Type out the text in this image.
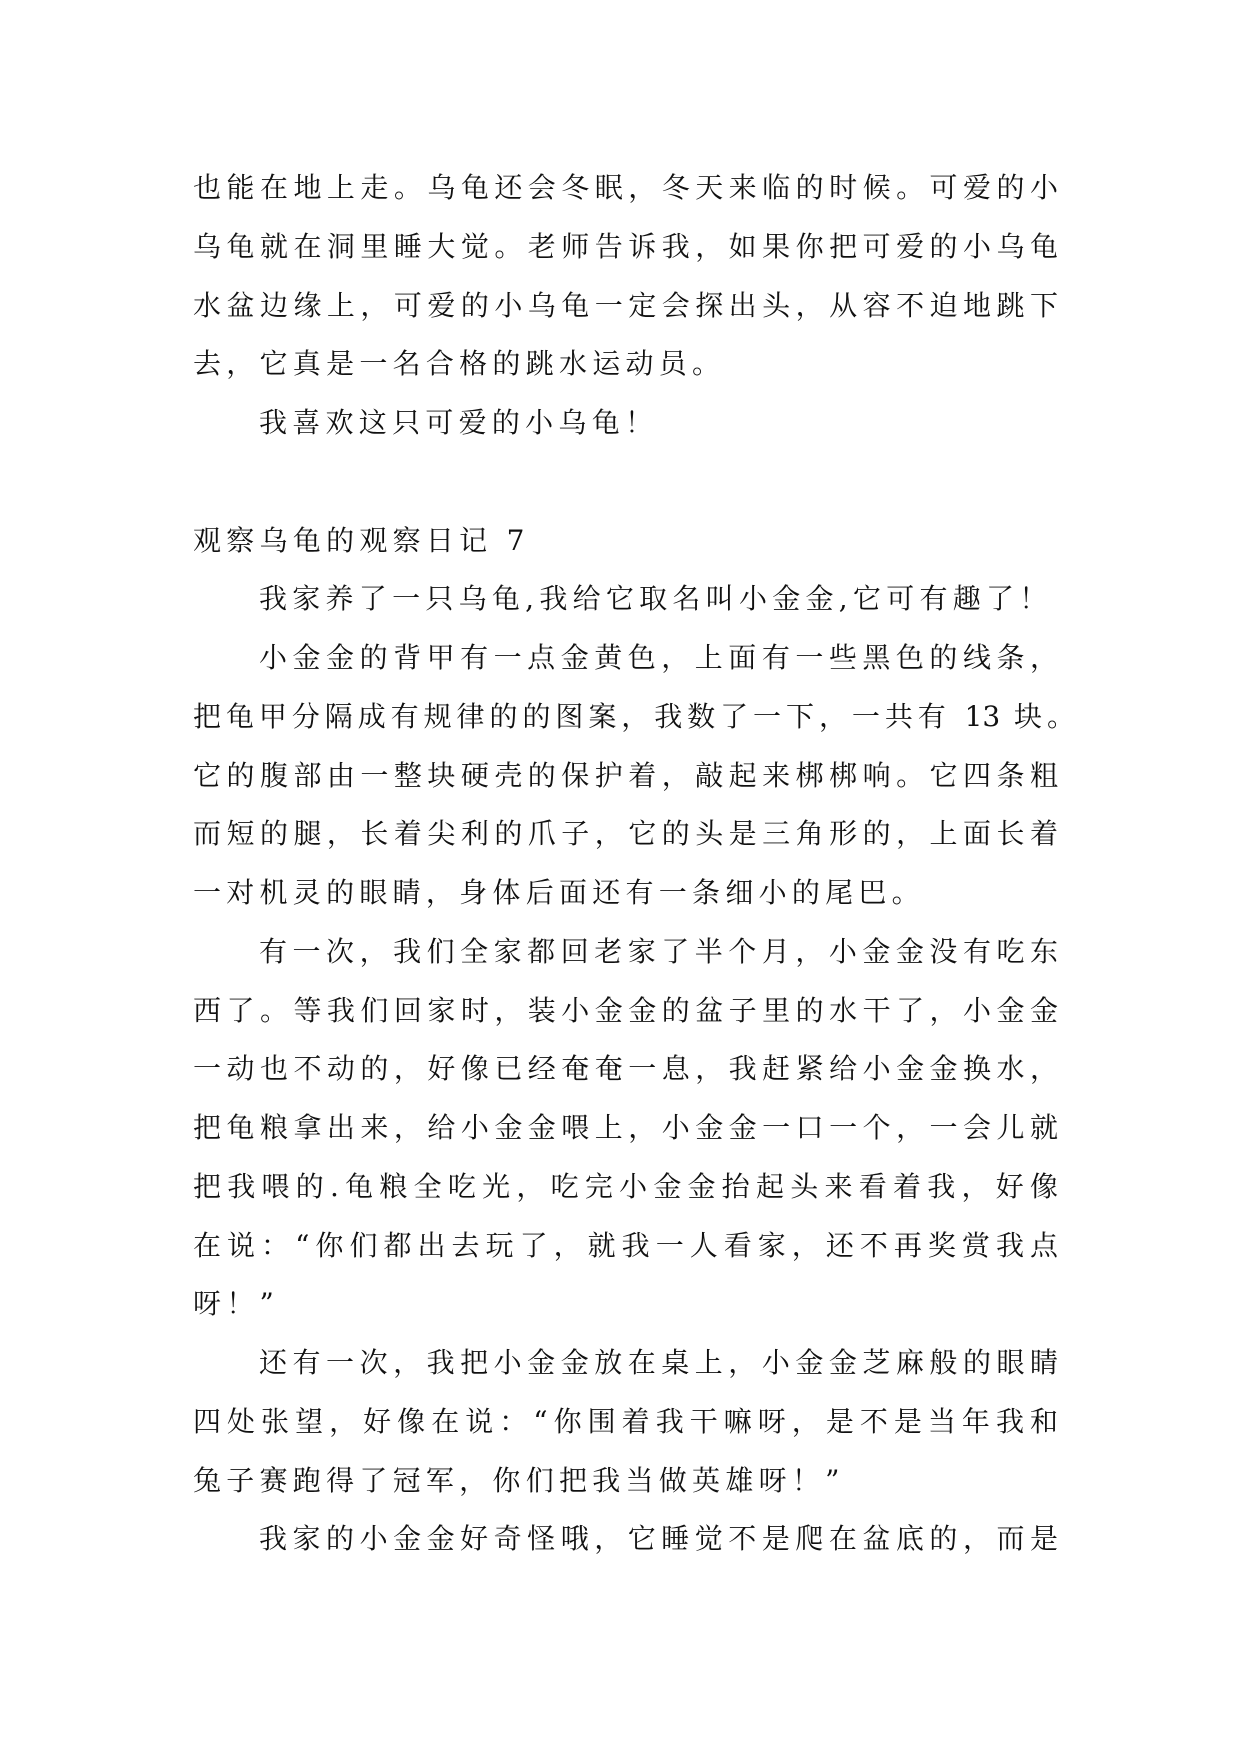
也能在地上走。乌龟还会冬眠，冬天来临的时候。可爱的小
乌龟就在洞里睡大觉。老师告诉我，如果你把可爱的小乌龟
水盆边缘上，可爱的小乌龟一定会探出头，从容不迫地跳下
去，它真是一名合格的跳水运动员。
我喜欢这只可爱的小乌龟！
观察乌龟的观察日记 7
我家养了一只乌龟,我给它取名叫小金金,它可有趣了！
小金金的背甲有一点金黄色，上面有一些黑色的线条，
把龟甲分隔成有规律的的图案，我数了一下，一共有 13 块。
它的腹部由一整块硬壳的保护着，敲起来梆梆响。它四条粗
而短的腿，长着尖利的爪子，它的头是三角形的，上面长着
一对机灵的眼睛，身体后面还有一条细小的尾巴。
有一次，我们全家都回老家了半个月，小金金没有吃东
西了。等我们回家时，装小金金的盆子里的水干了，小金金
一动也不动的，好像已经奄奄一息，我赶紧给小金金换水，
把龟粮拿出来，给小金金喂上，小金金一口一个，一会儿就
把我喂的.龟粮全吃光，吃完小金金抬起头来看着我，好像
在说：“你们都出去玩了，就我一人看家，还不再奖赏我点
呀！”
还有一次，我把小金金放在桌上，小金金芝麻般的眼睛
四处张望，好像在说：“你围着我干嘛呀，是不是当年我和
兔子赛跑得了冠军，你们把我当做英雄呀！”
我家的小金金好奇怪哦，它睡觉不是爬在盆底的，而是
